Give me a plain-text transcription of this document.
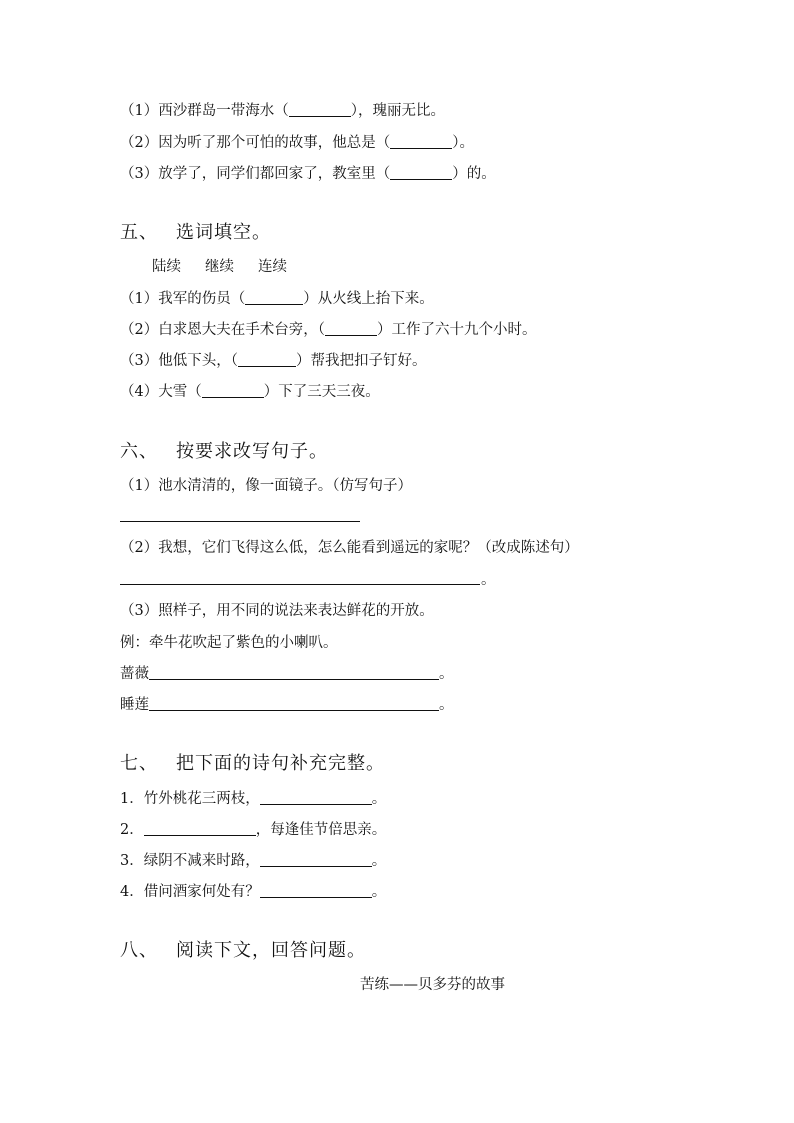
（1）西沙群岛一带海水（	），瑰丽无比。
（2）因为听了那个可怕的故事，他总是（	）。
（3）放学了，同学们都回家了，教室里（	）的。
五、 选词填空。
陆续 继续 连续
（1）我军的伤员（	）从火线上抬下来。
（2）白求恩大夫在手术台旁，（	）工作了六十九个小时。
（3）他低下头，（	）帮我把扣子钉好。
（4）大雪（	）下了三天三夜。
六、 按要求改写句子。
（1）池水清清的，像一面镜子。（仿写句子）
（2）我想，它们飞得这么低，怎么能看到遥远的家呢？（改成陈述句）
。
（3）照样子，用不同的说法来表达鲜花的开放。
例：牵牛花吹起了紫色的小喇叭。
蔷薇	。
睡莲	。
七、 把下面的诗句补充完整。
1．竹外桃花三两枝，	。
2．	，每逢佳节倍思亲。
3．绿阴不减来时路，	。
4．借问酒家何处有？	。
八、 阅读下文，回答问题。
苦练——贝多芬的故事
